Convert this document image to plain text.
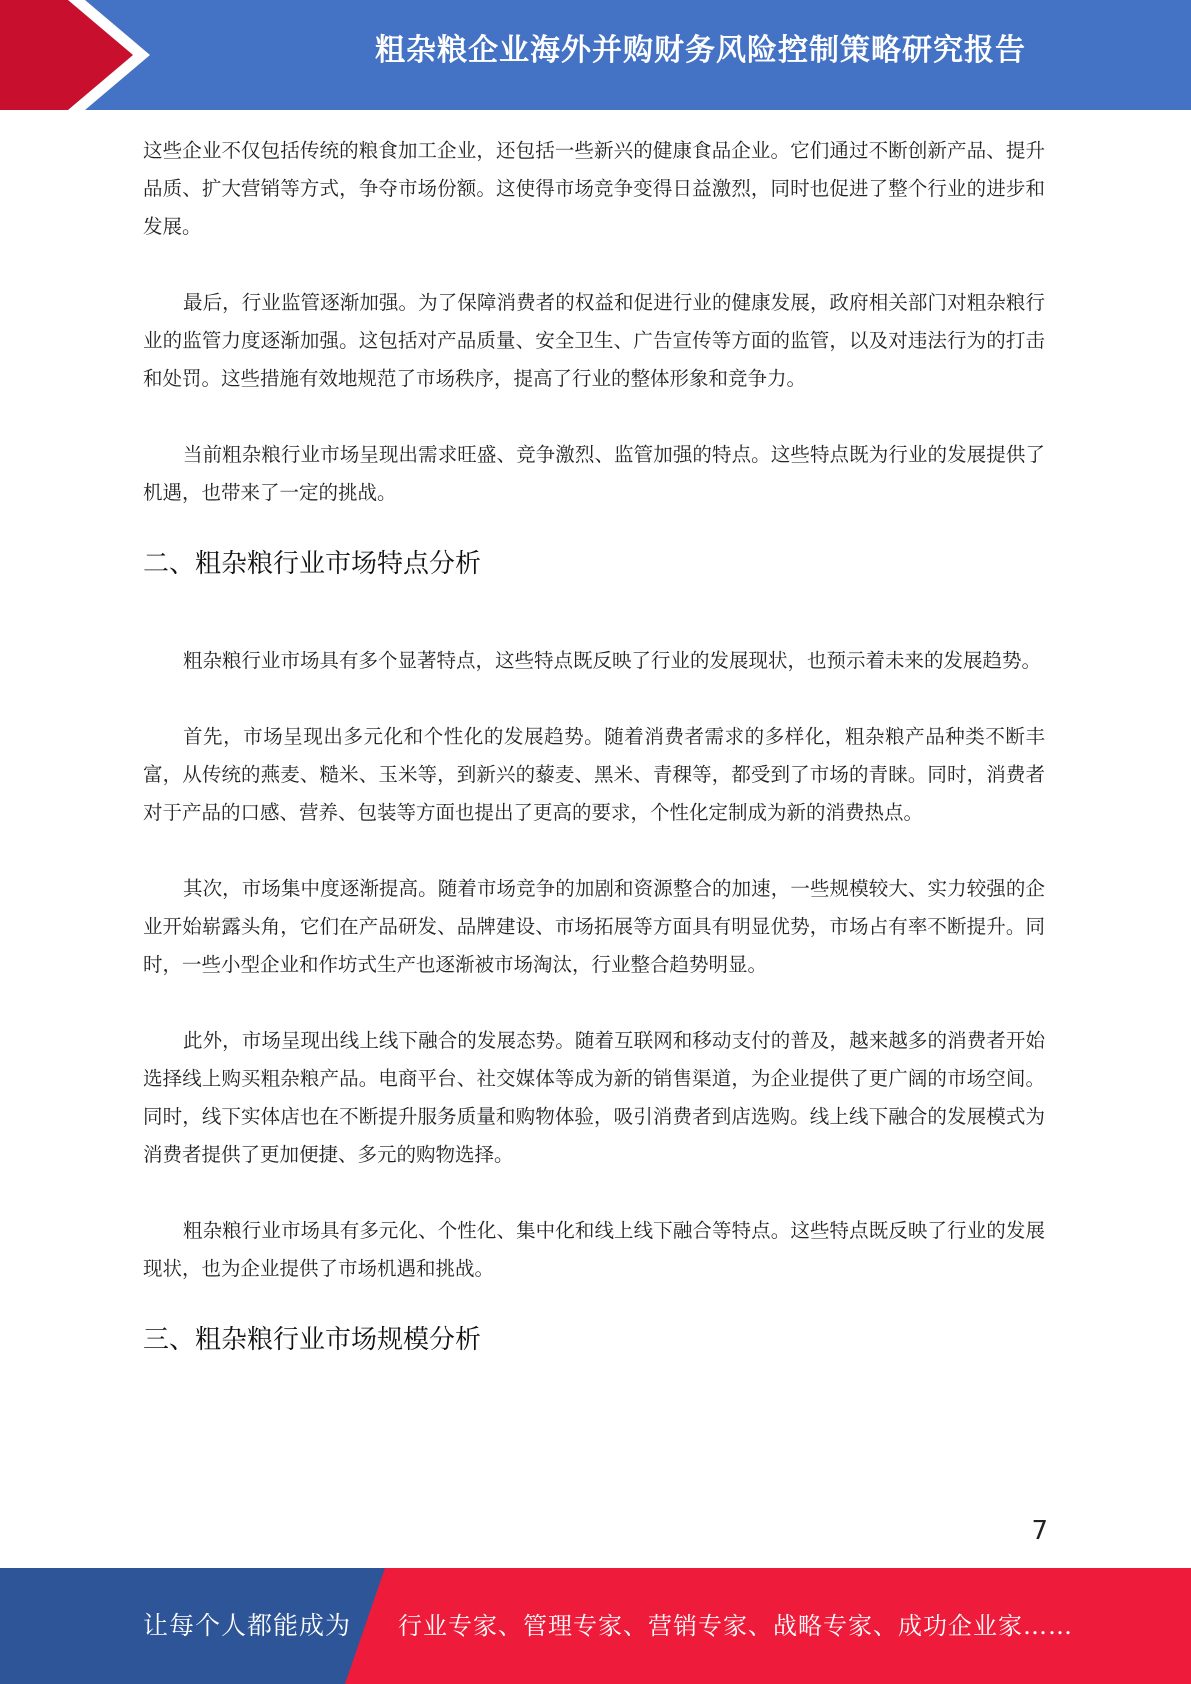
粗杂粮企业海外并购财务风险控制策略研究报告

这些企业不仅包括传统的粮食加工企业，还包括一些新兴的健康食品企业。它们通过不断创新产品、提升品质、扩大营销等方式，争夺市场份额。这使得市场竞争变得日益激烈，同时也促进了整个行业的进步和发展。

最后，行业监管逐渐加强。为了保障消费者的权益和促进行业的健康发展，政府相关部门对粗杂粮行业的监管力度逐渐加强。这包括对产品质量、安全卫生、广告宣传等方面的监管，以及对违法行为的打击和处罚。这些措施有效地规范了市场秩序，提高了行业的整体形象和竞争力。

当前粗杂粮行业市场呈现出需求旺盛、竞争激烈、监管加强的特点。这些特点既为行业的发展提供了机遇，也带来了一定的挑战。

二、粗杂粮行业市场特点分析

粗杂粮行业市场具有多个显著特点，这些特点既反映了行业的发展现状，也预示着未来的发展趋势。

首先，市场呈现出多元化和个性化的发展趋势。随着消费者需求的多样化，粗杂粮产品种类不断丰富，从传统的燕麦、糙米、玉米等，到新兴的藜麦、黑米、青稞等，都受到了市场的青睐。同时，消费者对于产品的口感、营养、包装等方面也提出了更高的要求，个性化定制成为新的消费热点。

其次，市场集中度逐渐提高。随着市场竞争的加剧和资源整合的加速，一些规模较大、实力较强的企业开始崭露头角，它们在产品研发、品牌建设、市场拓展等方面具有明显优势，市场占有率不断提升。同时，一些小型企业和作坊式生产也逐渐被市场淘汰，行业整合趋势明显。

此外，市场呈现出线上线下融合的发展态势。随着互联网和移动支付的普及，越来越多的消费者开始选择线上购买粗杂粮产品。电商平台、社交媒体等成为新的销售渠道，为企业提供了更广阔的市场空间。同时，线下实体店也在不断提升服务质量和购物体验，吸引消费者到店选购。线上线下融合的发展模式为消费者提供了更加便捷、多元的购物选择。

粗杂粮行业市场具有多元化、个性化、集中化和线上线下融合等特点。这些特点既反映了行业的发展现状，也为企业提供了市场机遇和挑战。

三、粗杂粮行业市场规模分析
7
让每个人都能成为 行业专家、管理专家、营销专家、战略专家、成功企业家……
